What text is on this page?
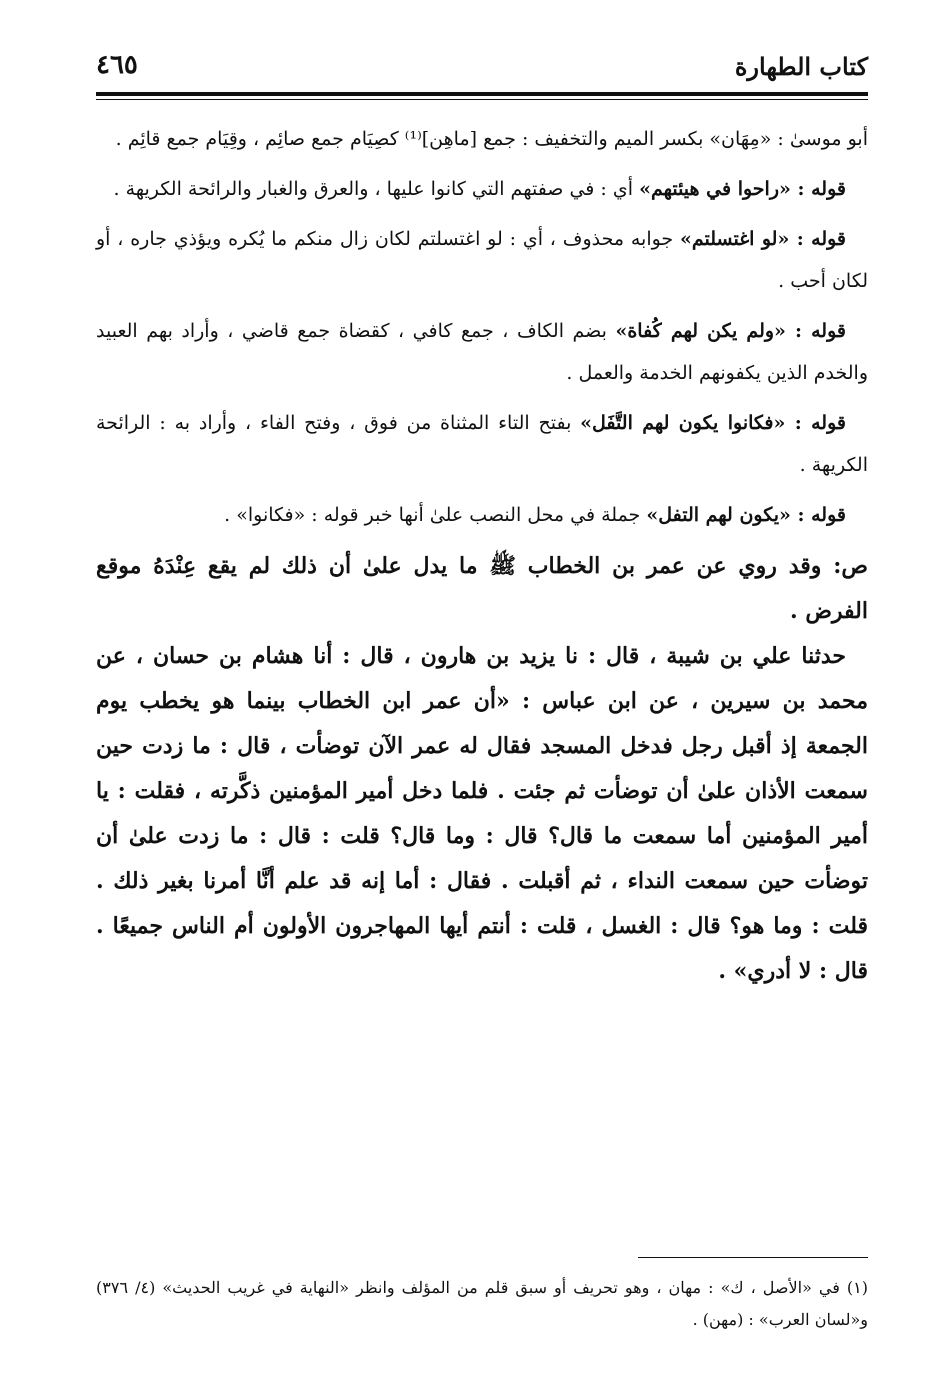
كتاب الطهارة
٤٦٥

أبو موسىٰ : «مِهَان» بكسر الميم والتخفيف : جمع [ماهِن]⁽¹⁾ كصِيَام جمع صائِم ، وقِيَام جمع قائِم .

قوله : «راحوا في هيئتهم» أي : في صفتهم التي كانوا عليها ، والعرق والغبار والرائحة الكريهة .

قوله : «لو اغتسلتم» جوابه محذوف ، أي : لو اغتسلتم لكان زال منكم ما يُكره ويؤذي جاره ، أو لكان أحب .

قوله : «ولم يكن لهم كُفاة» بضم الكاف ، جمع كافي ، كقضاة جمع قاضي ، وأراد بهم العبيد والخدم الذين يكفونهم الخدمة والعمل .

قوله : «فكانوا يكون لهم التَّفَل» بفتح التاء المثناة من فوق ، وفتح الفاء ، وأراد به : الرائحة الكريهة .

قوله : «يكون لهم التفل» جملة في محل النصب علىٰ أنها خبر قوله : «فكانوا» .

ص: وقد روي عن عمر بن الخطاب ﷺ ما يدل علىٰ أن ذلك لم يقع عِنْدَهُ موقع الفرض .

حدثنا علي بن شيبة ، قال : نا يزيد بن هارون ، قال : أنا هشام بن حسان ، عن محمد بن سيرين ، عن ابن عباس : «أن عمر ابن الخطاب بينما هو يخطب يوم الجمعة إذ أقبل رجل فدخل المسجد فقال له عمر الآن توضأت ، قال : ما زدت حين سمعت الأذان علىٰ أن توضأت ثم جئت . فلما دخل أمير المؤمنين ذكَّرته ، فقلت : يا أمير المؤمنين أما سمعت ما قال؟ قال : وما قال؟ قلت : قال : ما زدت علىٰ أن توضأت حين سمعت النداء ، ثم أقبلت . فقال : أما إنه قد علم أنَّا أمرنا بغير ذلك . قلت : وما هو؟ قال : الغسل ، قلت : أنتم أيها المهاجرون الأولون أم الناس جميعًا . قال : لا أدري» .

(١) في «الأصل ، ك» : مهان ، وهو تحريف أو سبق قلم من المؤلف وانظر «النهاية في غريب الحديث» (٤/ ٣٧٦) و«لسان العرب» : (مهن) .
